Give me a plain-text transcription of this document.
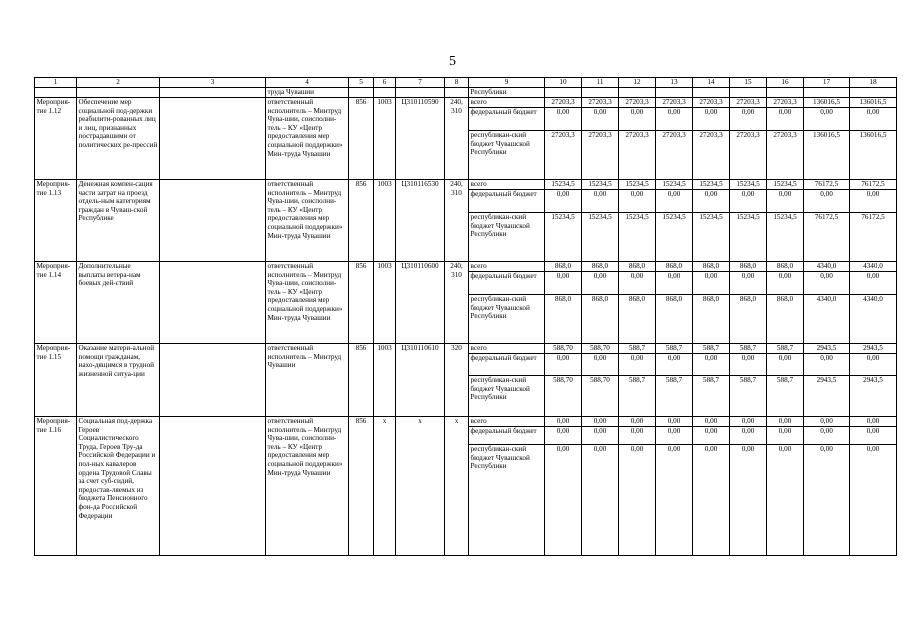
5
1	2	3	4	5	6	7	8	9	10	11	12	13	14	15	16	17	18
			труда Чувашии					Республики									
Мероприя-тие 1.12	Обеспечение мер социальной под-держки реабилити-рованных лиц и лиц, признанных пострадавшими от политических ре-прессий		ответственный исполнитель – Минтруд Чува-шии, соисполни-тель – КУ «Центр предоставления мер социальной поддержки» Мин-труда Чувашии	856	1003	Ц310110590	240, 310	всего	27203,3	27203,3	27203,3	27203,3	27203,3	27203,3	27203,3	136016,5	136016,5
								федеральный бюджет	0,00	0,00	0,00	0,00	0,00	0,00	0,00	0,00	0,00
								республикан-ский бюджет Чувашской Республики	27203,3	27203,3	27203,3	27203,3	27203,3	27203,3	27203,3	136016,5	136016,5
Мероприя-тие 1.13	Денежная компен-сация части затрат на проезд отдель-ным категориям граждан в Чуваш-ской Республике		ответственный исполнитель – Минтруд Чува-шии, соисполни-тель – КУ «Центр предоставления мер социальной поддержки» Мин-труда Чувашии	856	1003	Ц310116530	240, 310	всего	15234,5	15234,5	15234,5	15234,5	15234,5	15234,5	15234,5	76172,5	76172,5
								федеральный бюджет	0,00	0,00	0,00	0,00	0,00	0,00	0,00	0,00	0,00
								республикан-ский бюджет Чувашской Республики	15234,5	15234,5	15234,5	15234,5	15234,5	15234,5	15234,5	76172,5	76172,5
Мероприя-тие 1.14	Дополнительные выплаты ветера-нам боевых дей-ствий		ответственный исполнитель – Минтруд Чува-шии, соисполни-тель – КУ «Центр предоставления мер социальной поддержки» Мин-труда Чувашии	856	1003	Ц310110600	240, 310	всего	868,0	868,0	868,0	868,0	868,0	868,0	868,0	4340,0	4340,0
								федеральный бюджет	0,00	0,00	0,00	0,00	0,00	0,00	0,00	0,00	0,00
								республикан-ский бюджет Чувашской Республики	868,0	868,0	868,0	868,0	868,0	868,0	868,0	4340,0	4340,0
Мероприя-тие 1.15	Оказание матери-альной помощи гражданам, нахо-дящимся в трудной жизненной ситуа-ции		ответственный исполнитель – Минтруд Чувашии	856	1003	Ц310110610	320	всего	588,70	588,70	588,7	588,7	588,7	588,7	588,7	2943,5	2943,5
								федеральный бюджет	0,00	0,00	0,00	0,00	0,00	0,00	0,00	0,00	0,00
								республикан-ский бюджет Чувашской Республики	588,70	588,70	588,7	588,7	588,7	588,7	588,7	2943,5	2943,5
Мероприя-тие 1.16	Социальная под-держка Героев Социалистического Труда, Героев Тру-да Российской Федерации и пол-ных кавалеров ордена Трудовой Славы за счет суб-сидий, предостав-ляемых из бюджета Пенсионного фон-да Российской Федерации		ответственный исполнитель – Минтруд Чува-шии, соисполни-тель – КУ «Центр предоставления мер социальной поддержки» Мин-труда Чувашии	856	х	х	х	всего	0,00	0,00	0,00	0,00	0,00	0,00	0,00	0,00	0,00
								федеральный бюджет	0,00	0,00	0,00	0,00	0,00	0,00	0,00	0,00	0,00
								республикан-ский бюджет Чувашской Республики	0,00	0,00	0,00	0,00	0,00	0,00	0,00	0,00	0,00
